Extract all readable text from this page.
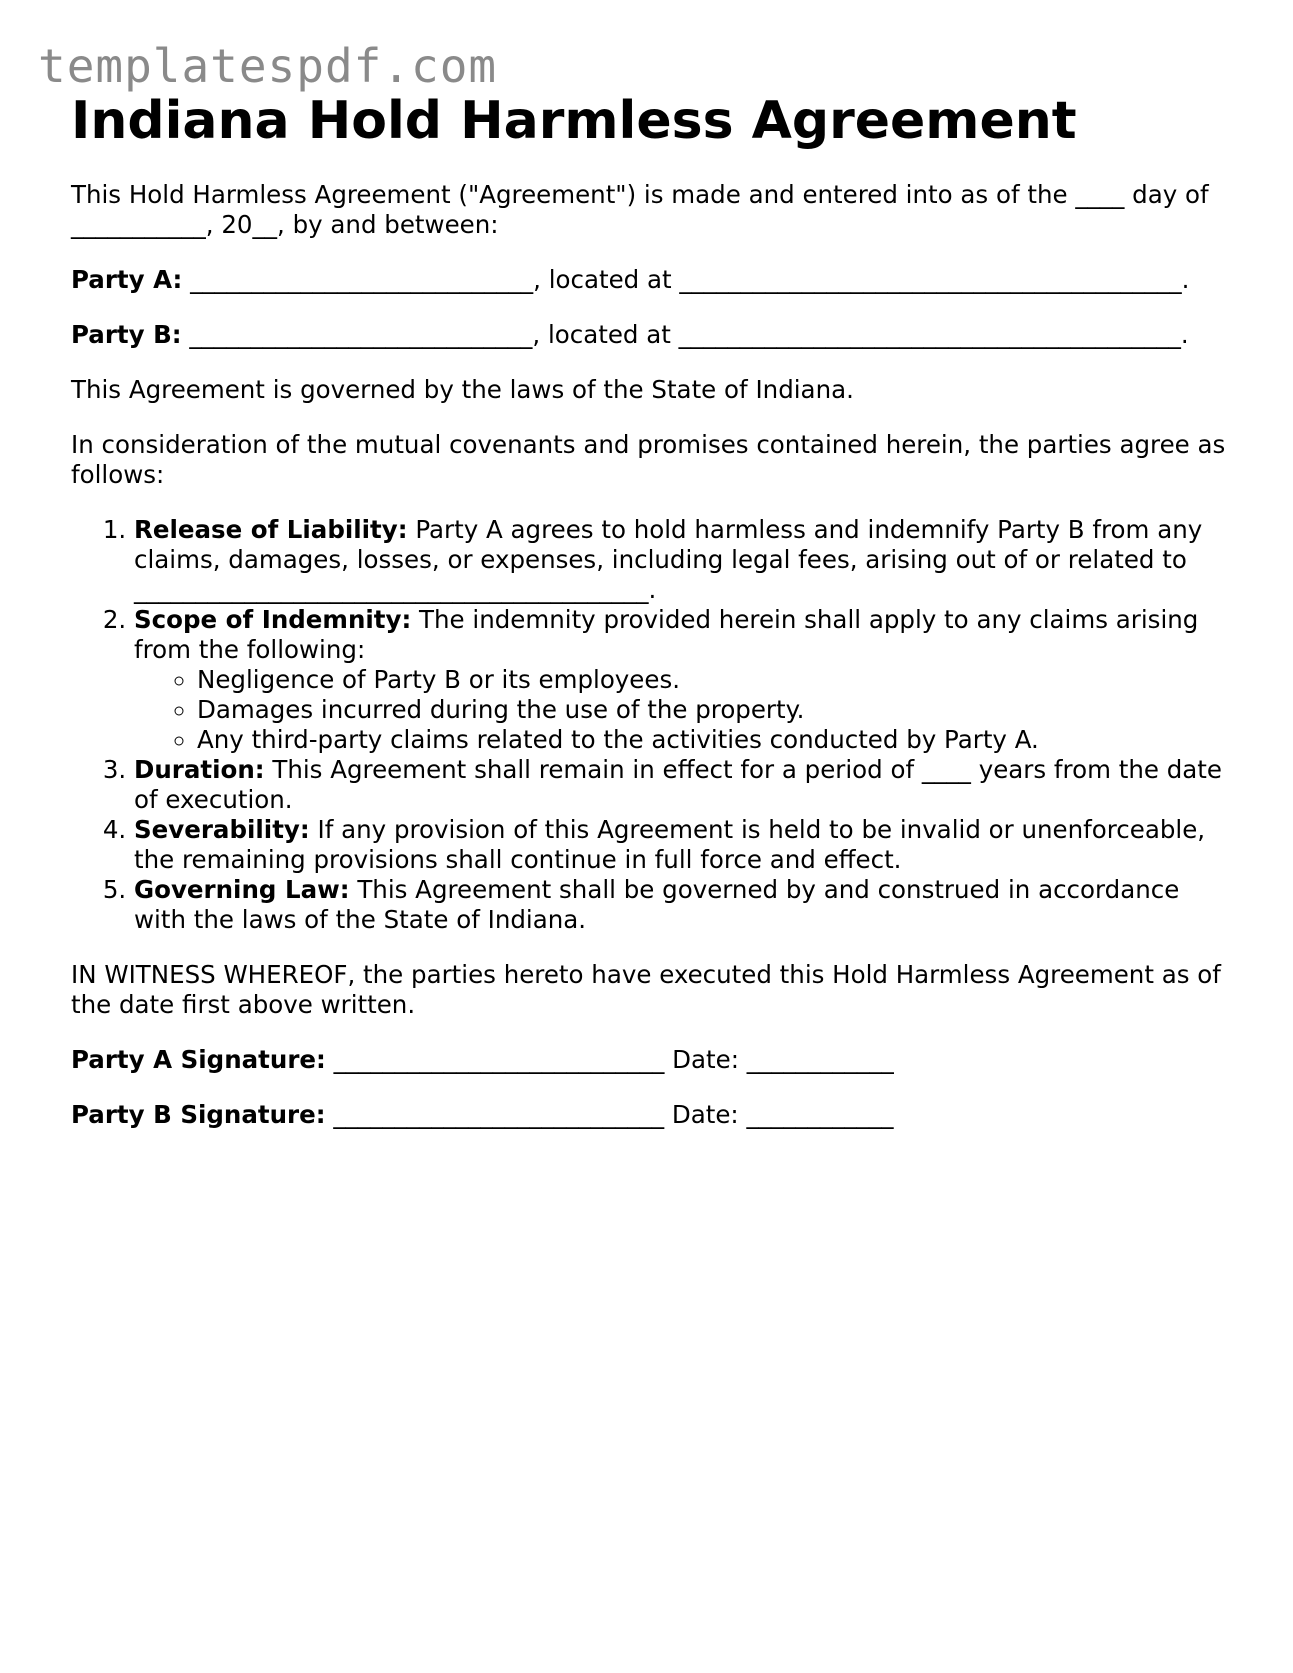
templatespdf.com
Indiana Hold Harmless Agreement

This Hold Harmless Agreement ("Agreement") is made and entered into as of the ____ day of ___________, 20__, by and between:

Party A: ____________________________, located at _________________________________________.

Party B: ____________________________, located at _________________________________________.

This Agreement is governed by the laws of the State of Indiana.

In consideration of the mutual covenants and promises contained herein, the parties agree as follows:

1. Release of Liability: Party A agrees to hold harmless and indemnify Party B from any claims, damages, losses, or expenses, including legal fees, arising out of or related to __________________________________________.
2. Scope of Indemnity: The indemnity provided herein shall apply to any claims arising from the following:
◦ Negligence of Party B or its employees.
◦ Damages incurred during the use of the property.
◦ Any third-party claims related to the activities conducted by Party A.
3. Duration: This Agreement shall remain in effect for a period of ____ years from the date of execution.
4. Severability: If any provision of this Agreement is held to be invalid or unenforceable, the remaining provisions shall continue in full force and effect.
5. Governing Law: This Agreement shall be governed by and construed in accordance with the laws of the State of Indiana.

IN WITNESS WHEREOF, the parties hereto have executed this Hold Harmless Agreement as of the date first above written.

Party A Signature: ___________________________ Date: ____________

Party B Signature: ___________________________ Date: ____________
